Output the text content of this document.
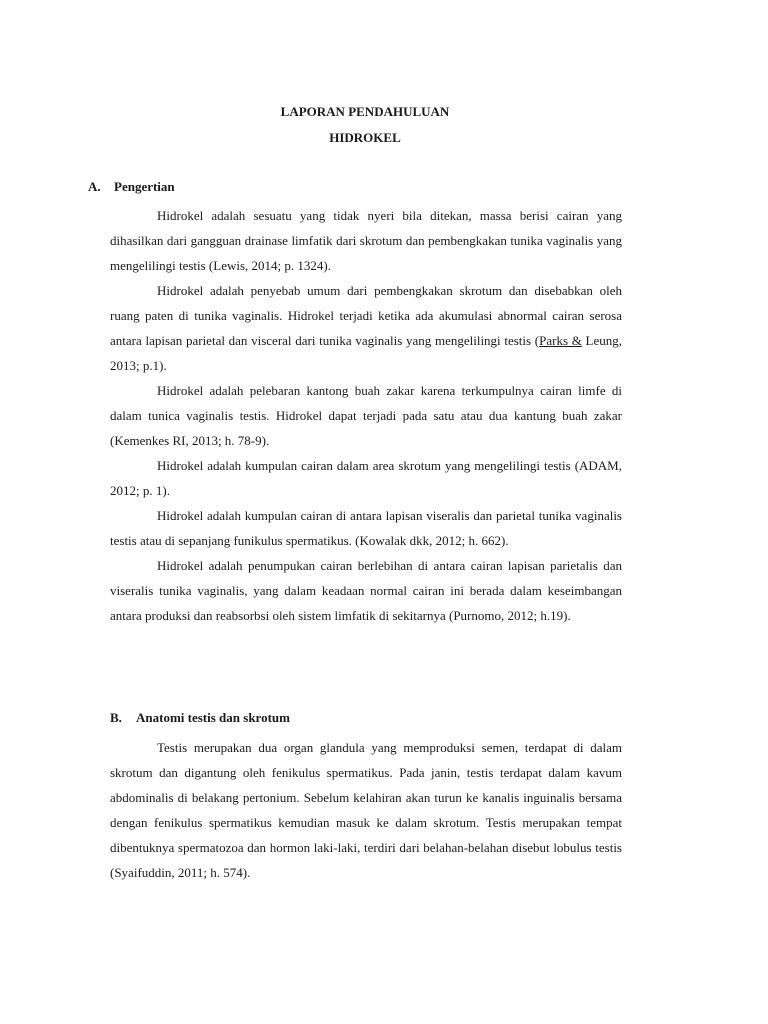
LAPORAN PENDAHULUAN
HIDROKEL
A. Pengertian

Hidrokel adalah sesuatu yang tidak nyeri bila ditekan, massa berisi cairan yang dihasilkan dari gangguan drainase limfatik dari skrotum dan pembengkakan tunika vaginalis yang mengelilingi testis (Lewis, 2014; p. 1324).

Hidrokel adalah penyebab umum dari pembengkakan skrotum dan disebabkan oleh ruang paten di tunika vaginalis. Hidrokel terjadi ketika ada akumulasi abnormal cairan serosa antara lapisan parietal dan visceral dari tunika vaginalis yang mengelilingi testis (Parks & Leung, 2013; p.1).

Hidrokel adalah pelebaran kantong buah zakar karena terkumpulnya cairan limfe di dalam tunica vaginalis testis. Hidrokel dapat terjadi pada satu atau dua kantung buah zakar (Kemenkes RI, 2013; h. 78-9).

Hidrokel adalah kumpulan cairan dalam area skrotum yang mengelilingi testis (ADAM, 2012; p. 1).

Hidrokel adalah kumpulan cairan di antara lapisan viseralis dan parietal tunika vaginalis testis atau di sepanjang funikulus spermatikus. (Kowalak dkk, 2012; h. 662).

Hidrokel adalah penumpukan cairan berlebihan di antara cairan lapisan parietalis dan viseralis tunika vaginalis, yang dalam keadaan normal cairan ini berada dalam keseimbangan antara produksi dan reabsorbsi oleh sistem limfatik di sekitarnya (Purnomo, 2012; h.19).

B. Anatomi testis dan skrotum

Testis merupakan dua organ glandula yang memproduksi semen, terdapat di dalam skrotum dan digantung oleh fenikulus spermatikus. Pada janin, testis terdapat dalam kavum abdominalis di belakang pertonium. Sebelum kelahiran akan turun ke kanalis inguinalis bersama dengan fenikulus spermatikus kemudian masuk ke dalam skrotum. Testis merupakan tempat dibentuknya spermatozoa dan hormon laki-laki, terdiri dari belahan-belahan disebut lobulus testis (Syaifuddin, 2011; h. 574).
